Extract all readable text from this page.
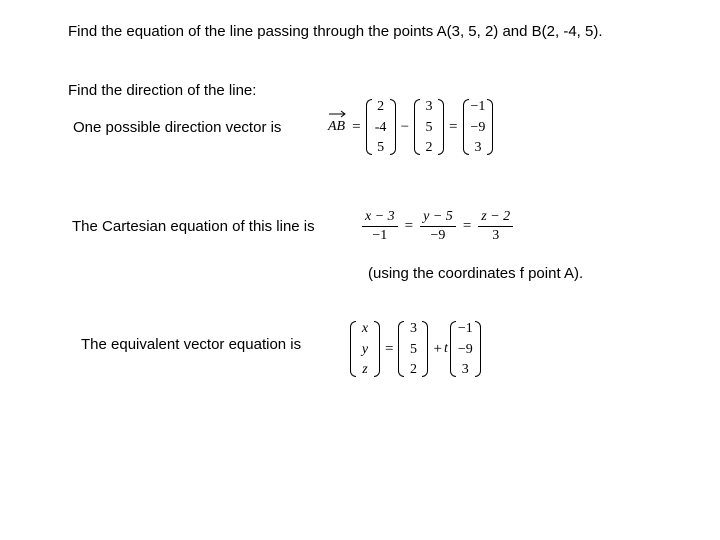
Find the equation of the line passing through the points A(3, 5, 2) and B(2, -4, 5).
Find the direction of the line:
One possible direction vector is	AB =
2
-4
5
−
3
5
2
=
−1
−9
3
The Cartesian equation of this line is	$\frac{x - 3}{-1} = \frac{y - 5}{-9} = \frac{z - 2}{3}$
(using the coordinates f point A).
The equivalent vector equation is
x
y
z
=
3
5
2
+ t
−1
−9
3
